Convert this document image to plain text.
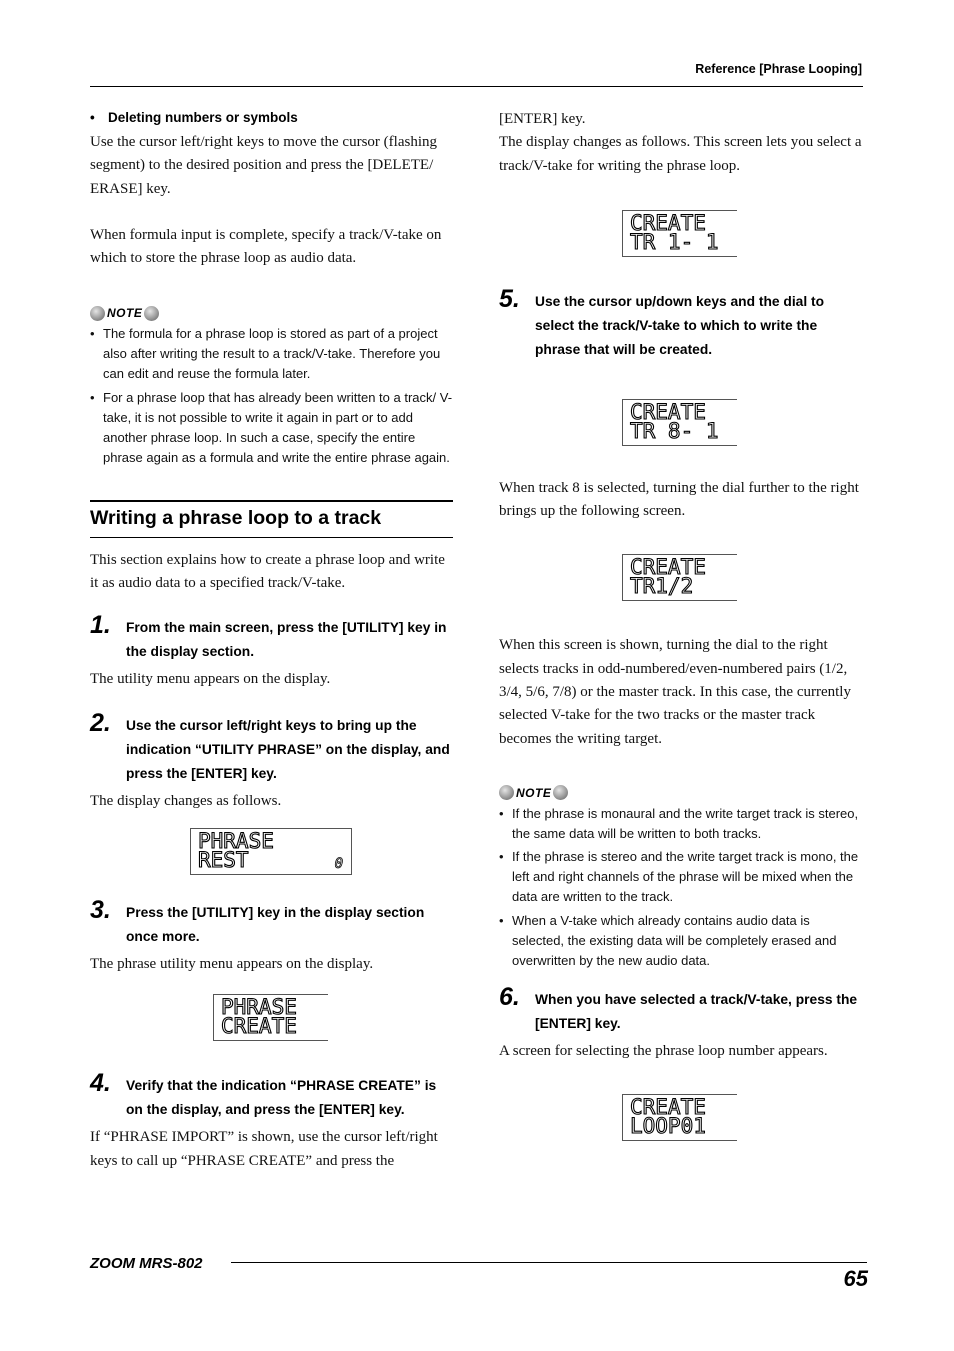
Reference [Phrase Looping]

• Deleting numbers or symbols

Use the cursor left/right keys to move the cursor (flashing segment) to the desired position and press the [DELETE/ ERASE] key.

When formula input is complete, specify a track/V-take on which to store the phrase loop as audio data.

NOTE
• The formula for a phrase loop is stored as part of a project also after writing the result to a track/V-take. Therefore you can edit and reuse the formula later.
• For a phrase loop that has already been written to a track/ V-take, it is not possible to write it again in part or to add another phrase loop. In such a case, specify the entire phrase again as a formula and write the entire phrase again.
Writing a phrase loop to a track

This section explains how to create a phrase loop and write it as audio data to a specified track/V-take.

1. From the main screen, press the [UTILITY] key in the display section.

The utility menu appears on the display.

2. Use the cursor left/right keys to bring up the indication “UTILITY PHRASE” on the display, and press the [ENTER] key.

The display changes as follows.

PHRASE
REST	0
3. Press the [UTILITY] key in the display section once more.

The phrase utility menu appears on the display.

PHRASE
CREATE
4. Verify that the indication “PHRASE CREATE” is on the display, and press the [ENTER] key.

If “PHRASE IMPORT” is shown, use the cursor left/right keys to call up “PHRASE CREATE” and press the

[ENTER] key.

The display changes as follows. This screen lets you select a track/V-take for writing the phrase loop.

CREATE
TR 1- 1
5. Use the cursor up/down keys and the dial to select the track/V-take to which to write the phrase that will be created.

CREATE
TR 8- 1

When track 8 is selected, turning the dial further to the right brings up the following screen.

CREATE
TR1/2

When this screen is shown, turning the dial to the right selects tracks in odd-numbered/even-numbered pairs (1/2, 3/4, 5/6, 7/8) or the master track. In this case, the currently selected V-take for the two tracks or the master track becomes the writing target.

NOTE
• If the phrase is monaural and the write target track is stereo, the same data will be written to both tracks.
• If the phrase is stereo and the write target track is mono, the left and right channels of the phrase will be mixed when the data are written to the track.
• When a V-take which already contains audio data is selected, the existing data will be completely erased and overwritten by the new audio data.
6. When you have selected a track/V-take, press the [ENTER] key.

A screen for selecting the phrase loop number appears.

CREATE
LOOP01
ZOOM MRS-802
65
